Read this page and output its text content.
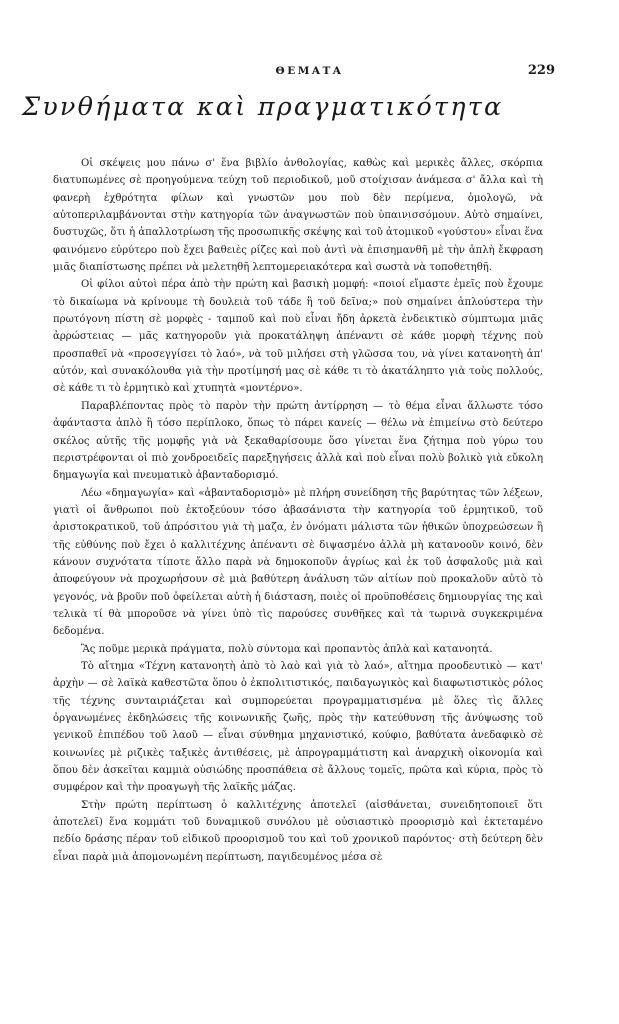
ΘΕΜΑΤΑ	229
Συνθήματα καὶ πραγματικότητα

Οἱ σκέψεις μου πάνω σ' ἕνα βιβλίο ἀνθολογίας, καθὼς καὶ μερικὲς ἄλλες, σκόρπια διατυπωμένες σὲ προηγούμενα τεύχη τοῦ περιοδικοῦ, μοῦ στοίχισαν ἀνάμεσα σ' ἄλλα καὶ τὴ φανερὴ ἐχθρότητα φίλων καὶ γνωστῶν μου ποὺ δὲν περίμενα, ὁμολογῶ, νὰ αὐτοπεριλαμβάνονται στὴν κατηγορία τῶν ἀναγνωστῶν ποὺ ὑπαινισσόμουν. Αὐτὸ σημαίνει, δυστυχῶς, ὅτι ἡ ἀπαλλοτρίωση τῆς προσωπικῆς σκέψης καὶ τοῦ ἀτομικοῦ «γούστου» εἶναι ἕνα φαινόμενο εὐρύτερο ποὺ ἔχει βαθειὲς ρίζες καὶ ποὺ ἀντὶ νὰ ἐπισημανθῆ μὲ τὴν ἁπλὴ ἔκφραση μιᾶς διαπίστωσης πρέπει νὰ μελετηθῆ λεπτομερειακότερα καὶ σωστὰ νὰ τοποθετηθῆ.

Οἱ φίλοι αὐτοὶ πέρα ἀπὸ τὴν πρώτη καὶ βασικὴ μομφή: «ποιοί εἴμαστε ἐμεῖς ποὺ ἔχουμε τὸ δικαίωμα νὰ κρίνουμε τὴ δουλειὰ τοῦ τάδε ἢ τοῦ δεῖνα;» ποὺ σημαίνει ἁπλούστερα τὴν πρωτόγονη πίστη σὲ μορφὲς - ταμποῦ καὶ ποὺ εἶναι ἤδη ἀρκετὰ ἐνδεικτικὸ σύμπτωμα μιᾶς ἀρρώστειας — μᾶς κατηγοροῦν γιὰ προκατάληψη ἀπέναντι σὲ κάθε μορφὴ τέχνης ποὺ προσπαθεῖ νὰ «προσεγγίσει τὸ λαό», νὰ τοῦ μιλήσει στὴ γλῶσσα του, νὰ γίνει κατανοητὴ ἀπ' αὐτόν, καὶ συνακόλουθα γιὰ τὴν προτίμησή μας σὲ κάθε τι τὸ ἀκατάληπτο γιὰ τοὺς πολλούς, σὲ κάθε τι τὸ ἑρμητικὸ καὶ χτυπητὰ «μοντέρνο».

Παραβλέποντας πρὸς τὸ παρὸν τὴν πρώτη ἀντίρρηση — τὸ θέμα εἶναι ἄλλωστε τόσο ἀφάνταστα ἁπλὸ ἢ τόσο περίπλοκο, ὅπως τὸ πάρει κανείς — θέλω νὰ ἐπιμείνω στὸ δεύτερο σκέλος αὐτῆς τῆς μομφῆς γιὰ νὰ ξεκαθαρίσουμε ὅσο γίνεται ἕνα ζήτημα ποὺ γύρω του περιστρέφονται οἱ πιὸ χονδροειδεῖς παρεξηγήσεις ἀλλὰ καὶ ποὺ εἶναι πολὺ βολικὸ γιὰ εὔκολη δημαγωγία καὶ πνευματικὸ ἀβανταδορισμό.

Λέω «δημαγωγία» καὶ «ἀβανταδορισμὸ» μὲ πλήρη συνείδηση τῆς βαρύτητας τῶν λέξεων, γιατὶ οἱ ἄνθρωποι ποὺ ἐκτοξεύουν τόσο ἀβασάνιστα τὴν κατηγορία τοῦ ἑρμητικοῦ, τοῦ ἀριστοκρατικοῦ, τοῦ ἀπρόσιτου γιὰ τὴ μαζα, ἐν ὀνόματι μάλιστα τῶν ἠθικῶν ὑποχρεώσεων ἢ τῆς εὐθύνης ποὺ ἔχει ὁ καλλιτέχνης ἀπέναντι σὲ διψασμένο ἀλλὰ μὴ κατανοοῦν κοινό, δὲν κάνουν συχνότατα τίποτε ἄλλο παρὰ νὰ δημοκοποῦν ἀγρίως καὶ ἐκ τοῦ ἀσφαλοῦς μιὰ καὶ ἀποφεύγουν νὰ προχωρήσουν σὲ μιὰ βαθύτερη ἀνάλυση τῶν αἰτίων ποὺ προκαλοῦν αὐτὸ τὸ γεγονός, νὰ βροῦν ποῦ ὀφείλεται αὐτὴ ἡ διάσταση, ποιὲς οἱ προϋποθέσεις δημιουργίας της καὶ τελικὰ τί θὰ μποροῦσε νὰ γίνει ὑπὸ τὶς παρούσες συνθῆκες καὶ τὰ τωρινὰ συγκεκριμένα δεδομένα.

Ἂς ποῦμε μερικὰ πράγματα, πολὺ σύντομα καὶ προπαντὸς ἁπλὰ καὶ κατανοητά.

Τὸ αἴτημα «Τέχνη κατανοητὴ ἀπὸ τὸ λαὸ καὶ γιὰ τὸ λαό», αἴτημα προοδευτικὸ — κατ' ἀρχὴν — σὲ λαϊκὰ καθεστῶτα ὅπου ὁ ἐκπολιτιστικός, παιδαγωγικὸς καὶ διαφωτιστικὸς ρόλος τῆς τέχνης συνταιριάζεται καὶ συμπορεύεται προγραμματισμένα μὲ ὅλες τὶς ἄλλες ὀργανωμένες ἐκδηλώσεις τῆς κοινωνικῆς ζωῆς, πρὸς τὴν κατεύθυνση τῆς ἀνύψωσης τοῦ γενικοῦ ἐπιπέδου τοῦ λαοῦ — εἶναι σύνθημα μηχανιστικό, κούφιο, βαθύτατα ἀνεδαφικὸ σὲ κοινωνίες μὲ ριζικὲς ταξικὲς ἀντιθέσεις, μὲ ἀπρογραμμάτιστη καὶ ἀναρχικὴ οἰκονομία καὶ ὅπου δὲν ἀσκεῖται καμμιὰ οὐσιώδης προσπάθεια σὲ ἄλλους τομεῖς, πρῶτα καὶ κύρια, πρὸς τὸ συμφέρον καὶ τὴν προαγωγὴ τῆς λαϊκῆς μάζας.

Στὴν πρώτη περίπτωση ὁ καλλιτέχνης ἀποτελεῖ (αἰσθάνεται, συνειδητοποιεῖ ὅτι ἀποτελεῖ) ἕνα κομμάτι τοῦ δυναμικοῦ συνόλου μὲ οὐσιαστικὸ προορισμὸ καὶ ἐκτεταμένο πεδίο δράσης πέραν τοῦ εἰδικοῦ προορισμοῦ του καὶ τοῦ χρονικοῦ παρόντος· στὴ δεύτερη δὲν εἶναι παρὰ μιὰ ἀπομονωμένη περίπτωση, παγιδευμένος μέσα σὲ
